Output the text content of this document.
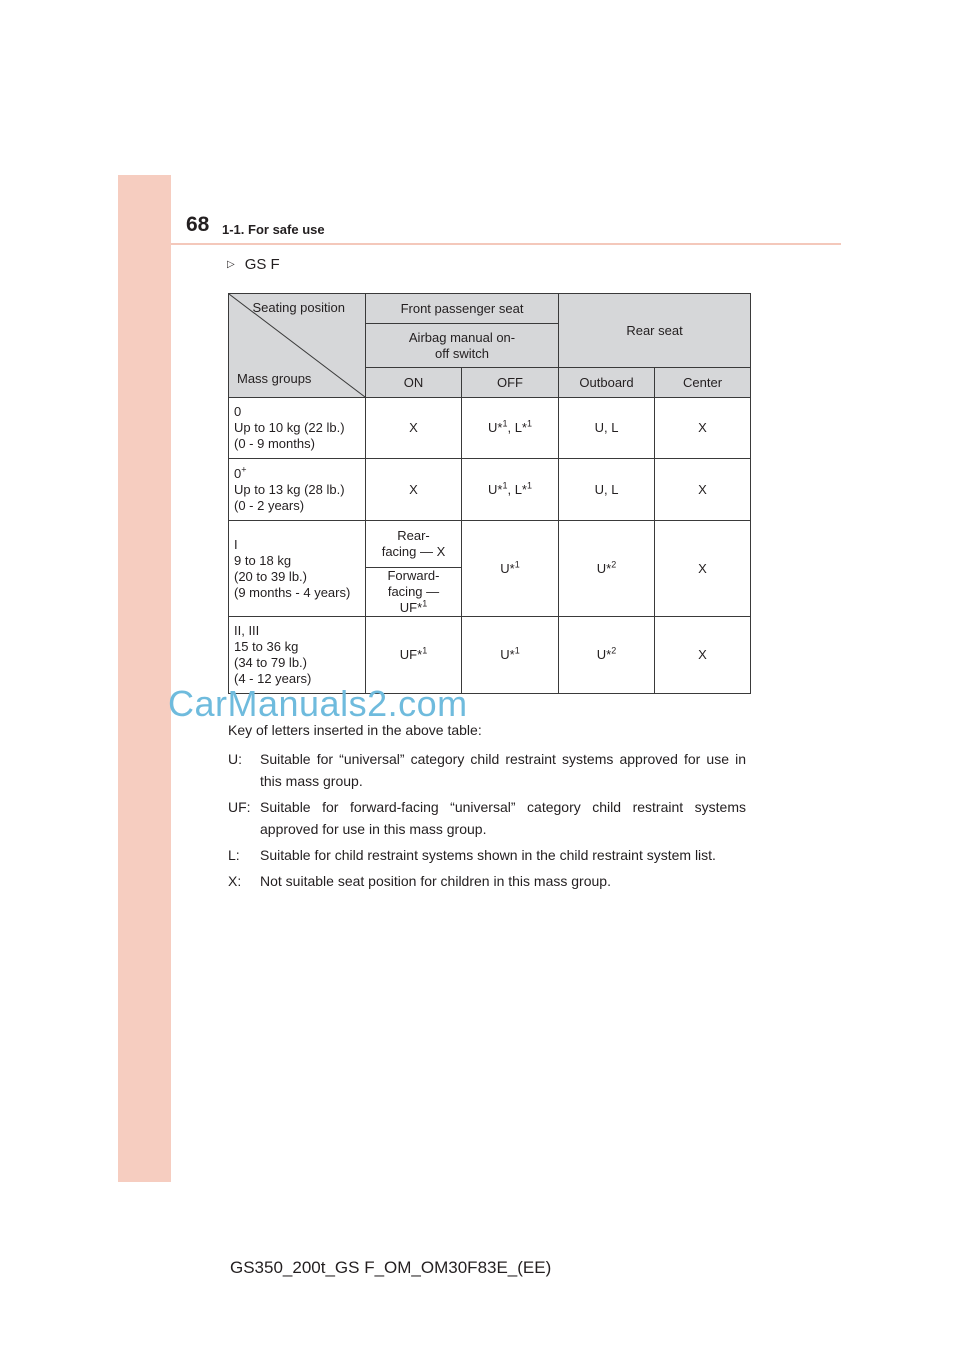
68 1-1. For safe use
▷ GS F
Seating position
Mass groups	Front passenger seat		Rear seat	
	Airbag manual on-off switch			
	ON	OFF	Outboard	Center

0
Up to 10 kg (22 lb.)
(0 - 9 months)	X	U*$^1$, L*$^1$	U, L	X

0+
Up to 13 kg (28 lb.)
(0 - 2 years)	X	U*$^1$, L*$^1$	U, L	X

I
9 to 18 kg
(20 to 39 lb.)
(9 months - 4 years)	Rear-facing — X	U*$^1$	U*$^2$	X
	Forward-facing — UF*$^1$

II, III
15 to 36 kg
(34 to 79 lb.)
(4 - 12 years)	UF*$^1$	U*$^1$	U*$^2$	X
CarManuals2.com
Key of letters inserted in the above table:
U:	Suitable for “universal” category child restraint systems approved for use in this mass group.
UF: Suitable for forward-facing “universal” category child restraint systems approved for use in this mass group.
L:	Suitable for child restraint systems shown in the child restraint system list.
X:	Not suitable seat position for children in this mass group.
GS350_200t_GS F_OM_OM30F83E_(EE)
